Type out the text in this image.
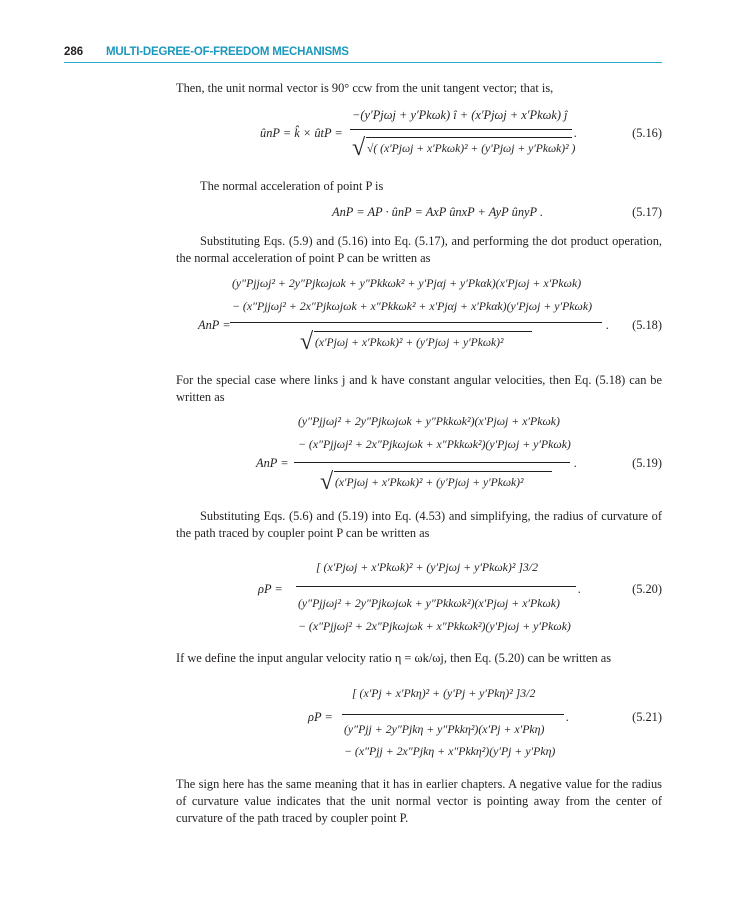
286 MULTI-DEGREE-OF-FREEDOM MECHANISMS
Then, the unit normal vector is 90° ccw from the unit tangent vector; that is,
ûnP = k̂ × ûtP =
−(y′Pjωj + y′Pkωk) î + (x′Pjωj + x′Pkωk) ĵ
√ √( (x′Pjωj + x′Pkωk)² + (y′Pjωj + y′Pkωk)² )
.	(5.16)
The normal acceleration of point P is
AnP = AP · ûnP = AxP ûnxP + AyP ûnyP .	(5.17)
Substituting Eqs. (5.9) and (5.16) into Eq. (5.17), and performing the dot product operation, the normal acceleration of point P can be written as
AnP =
(y″Pjjωj² + 2y″Pjkωjωk + y″Pkkωk² + y′Pjαj + y′Pkαk)(x′Pjωj + x′Pkωk)
− (x″Pjjωj² + 2x″Pjkωjωk + x″Pkkωk² + x′Pjαj + x′Pkαk)(y′Pjωj + y′Pkωk)
√ (x′Pjωj + x′Pkωk)² + (y′Pjωj + y′Pkωk)²
. (5.18)
For the special case where links j and k have constant angular velocities, then Eq. (5.18) can be written as
AnP =
(y″Pjjωj² + 2y″Pjkωjωk + y″Pkkωk²)(x′Pjωj + x′Pkωk)
− (x″Pjjωj² + 2x″Pjkωjωk + x″Pkkωk²)(y′Pjωj + y′Pkωk)
√ (x′Pjωj + x′Pkωk)² + (y′Pjωj + y′Pkωk)²
.	(5.19)
Substituting Eqs. (5.6) and (5.19) into Eq. (4.53) and simplifying, the radius of curvature of the path traced by coupler point P can be written as
ρP =
[ (x′Pjωj + x′Pkωk)² + (y′Pjωj + y′Pkωk)² ]3/2
(y″Pjjωj² + 2y″Pjkωjωk + y″Pkkωk²)(x′Pjωj + x′Pkωk)
− (x″Pjjωj² + 2x″Pjkωjωk + x″Pkkωk²)(y′Pjωj + y′Pkωk)
.	(5.20)
If we define the input angular velocity ratio η = ωk/ωj, then Eq. (5.20) can be written as
ρP =
[ (x′Pj + x′Pkη)² + (y′Pj + y′Pkη)² ]3/2
(y″Pjj + 2y″Pjkη + y″Pkkη²)(x′Pj + x′Pkη)
− (x″Pjj + 2x″Pjkη + x″Pkkη²)(y′Pj + y′Pkη)
.	(5.21)
The sign here has the same meaning that it has in earlier chapters. A negative value for the radius of curvature value indicates that the unit normal vector is pointing away from the center of curvature of the path traced by coupler point P.
